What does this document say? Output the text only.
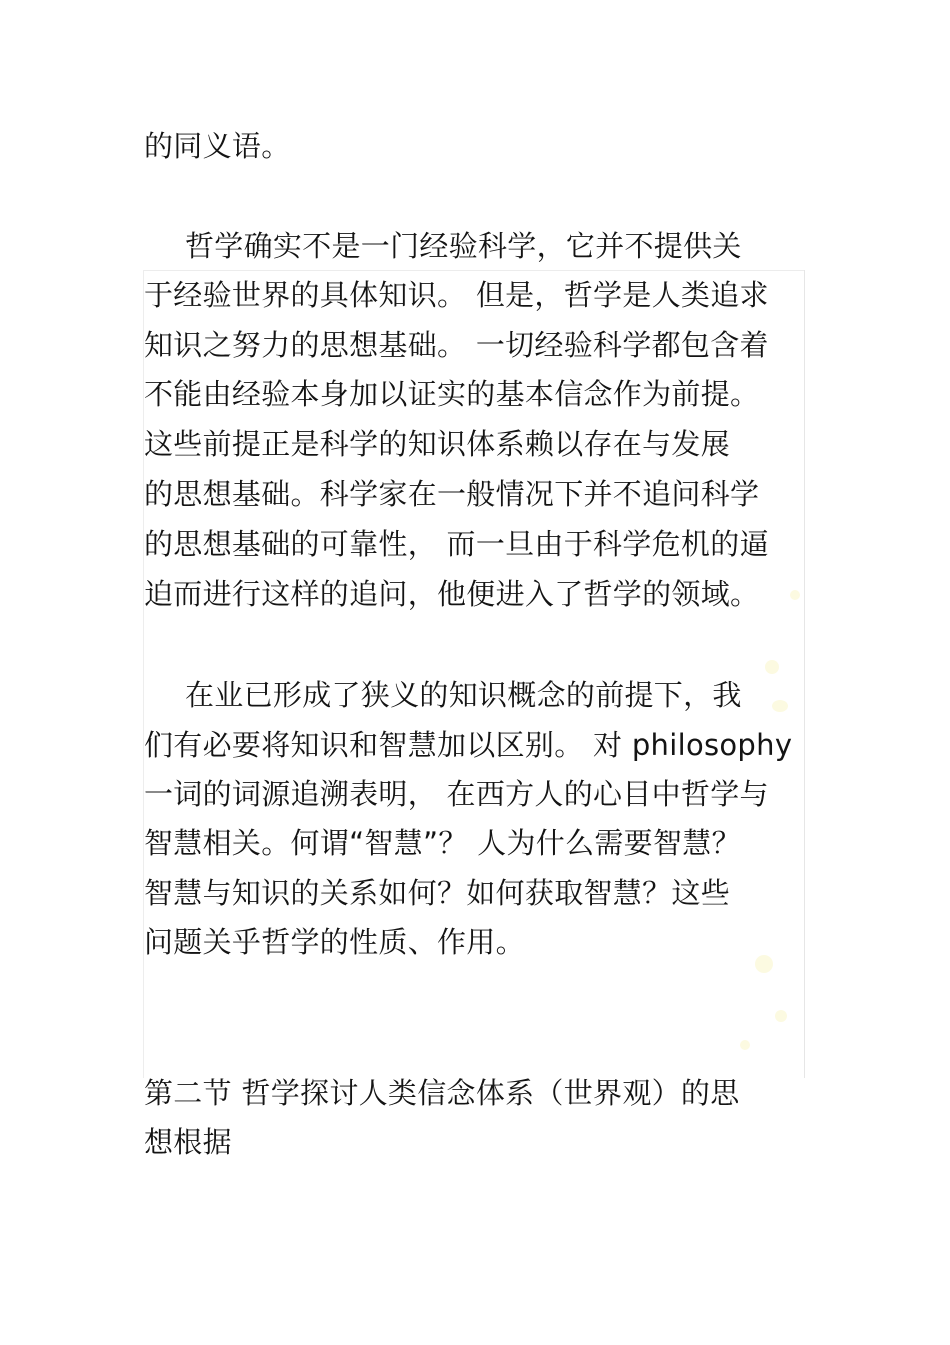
的同义语。
哲学确实不是一门经验科学，它并不提供关
于经验世界的具体知识。 但是，哲学是人类追求
知识之努力的思想基础。 一切经验科学都包含着
不能由经验本身加以证实的基本信念作为前提。
这些前提正是科学的知识体系赖以存在与发展
的思想基础。科学家在一般情况下并不追问科学
的思想基础的可靠性， 而一旦由于科学危机的逼
迫而进行这样的追问，他便进入了哲学的领域。
在业已形成了狭义的知识概念的前提下，我
们有必要将知识和智慧加以区别。 对 philosophy
一词的词源追溯表明， 在西方人的心目中哲学与
智慧相关。何谓“智慧”？ 人为什么需要智慧？
智慧与知识的关系如何？如何获取智慧？这些
问题关乎哲学的性质、作用。
第二节 哲学探讨人类信念体系（世界观）的思
想根据
